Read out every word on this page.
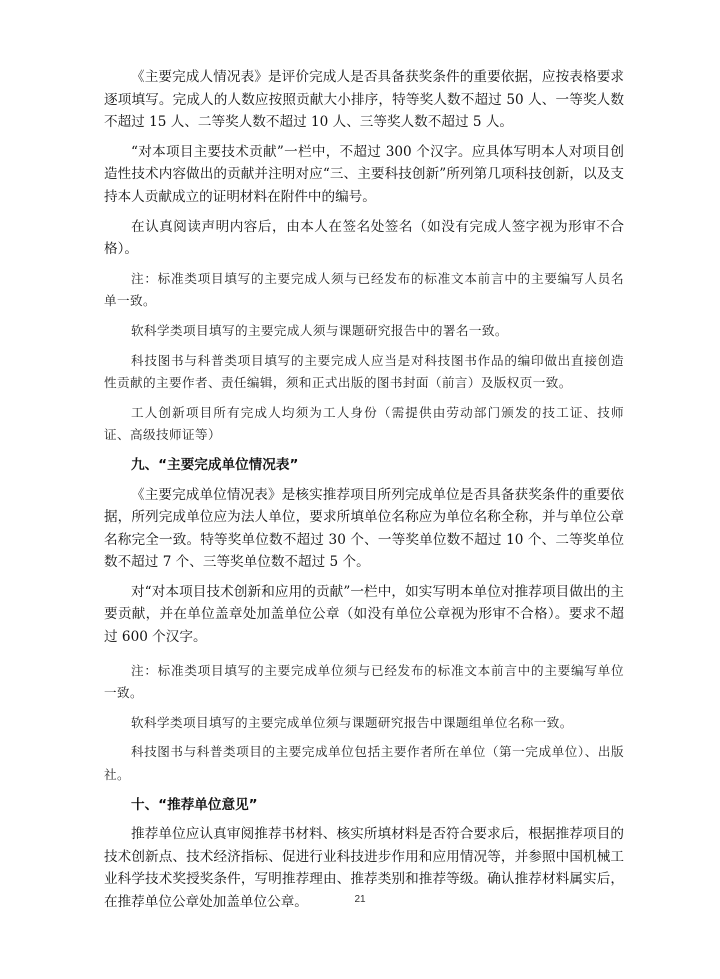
《主要完成人情况表》是评价完成人是否具备获奖条件的重要依据，应按表格要求逐项填写。完成人的人数应按照贡献大小排序，特等奖人数不超过 50 人、一等奖人数不超过 15 人、二等奖人数不超过 10 人、三等奖人数不超过 5 人。

“对本项目主要技术贡献”一栏中，不超过 300 个汉字。应具体写明本人对项目创造性技术内容做出的贡献并注明对应“三、主要科技创新”所列第几项科技创新，以及支持本人贡献成立的证明材料在附件中的编号。

在认真阅读声明内容后，由本人在签名处签名（如没有完成人签字视为形审不合格）。

注：标准类项目填写的主要完成人须与已经发布的标准文本前言中的主要编写人员名单一致。

软科学类项目填写的主要完成人须与课题研究报告中的署名一致。

科技图书与科普类项目填写的主要完成人应当是对科技图书作品的编印做出直接创造性贡献的主要作者、责任编辑，须和正式出版的图书封面（前言）及版权页一致。

工人创新项目所有完成人均须为工人身份（需提供由劳动部门颁发的技工证、技师证、高级技师证等）

九、“主要完成单位情况表”

《主要完成单位情况表》是核实推荐项目所列完成单位是否具备获奖条件的重要依据，所列完成单位应为法人单位，要求所填单位名称应为单位名称全称，并与单位公章名称完全一致。特等奖单位数不超过 30 个、一等奖单位数不超过 10 个、二等奖单位数不超过 7 个、三等奖单位数不超过 5 个。

对“对本项目技术创新和应用的贡献”一栏中，如实写明本单位对推荐项目做出的主要贡献，并在单位盖章处加盖单位公章（如没有单位公章视为形审不合格）。要求不超过 600 个汉字。

注：标准类项目填写的主要完成单位须与已经发布的标准文本前言中的主要编写单位一致。

软科学类项目填写的主要完成单位须与课题研究报告中课题组单位名称一致。

科技图书与科普类项目的主要完成单位包括主要作者所在单位（第一完成单位）、出版社。

十、“推荐单位意见”

推荐单位应认真审阅推荐书材料、核实所填材料是否符合要求后，根据推荐项目的技术创新点、技术经济指标、促进行业科技进步作用和应用情况等，并参照中国机械工业科学技术奖授奖条件，写明推荐理由、推荐类别和推荐等级。确认推荐材料属实后，在推荐单位公章处加盖单位公章。	21
